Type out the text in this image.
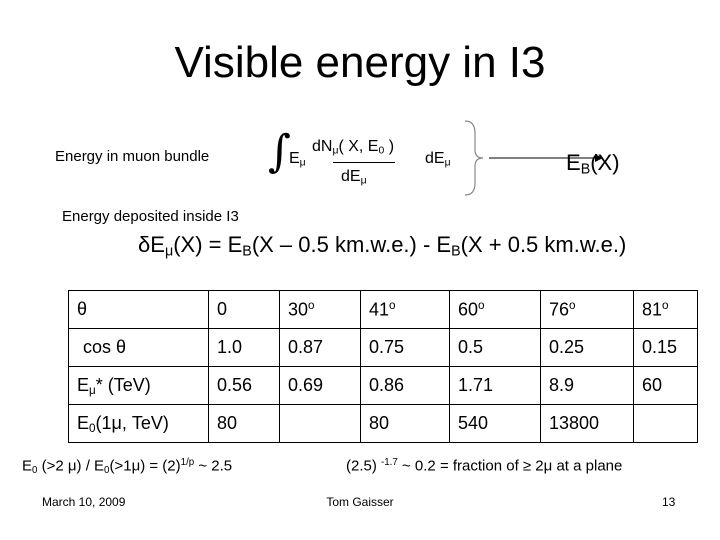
Visible energy in I3
Energy in muon bundle ∫
$E_\mu$
$dN_\mu$( X, $E_0$ )
$dE_\mu$
$dE_\mu$	$E_B(X)$
Energy deposited inside I3
$\delta E_\mu(X) = E_B(X - 0.5$ $km.w.e.) - E_B(X + 0.5$ km.w.e.)
θ	0	30$^o$	41$^o$	60$^o$	76$^o$	81$^o$
cos θ	1.0	0.87	0.75	0.5	0.25	0.15
$E_\mu*$ (TeV)	0.56	0.69	0.86	1.71	8.9	60
$E_0(1\mu$, TeV)	80		80	540	13800	
$E_0$ (>2 $\mu) / E_0(>1\mu) = (2)^{1/p}$ ~ 2.5	(2.5) $^{-1.7}$ ~ 0.2 = fraction of ≥ 2μ at a plane
March 10, 2009	Tom Gaisser	13
